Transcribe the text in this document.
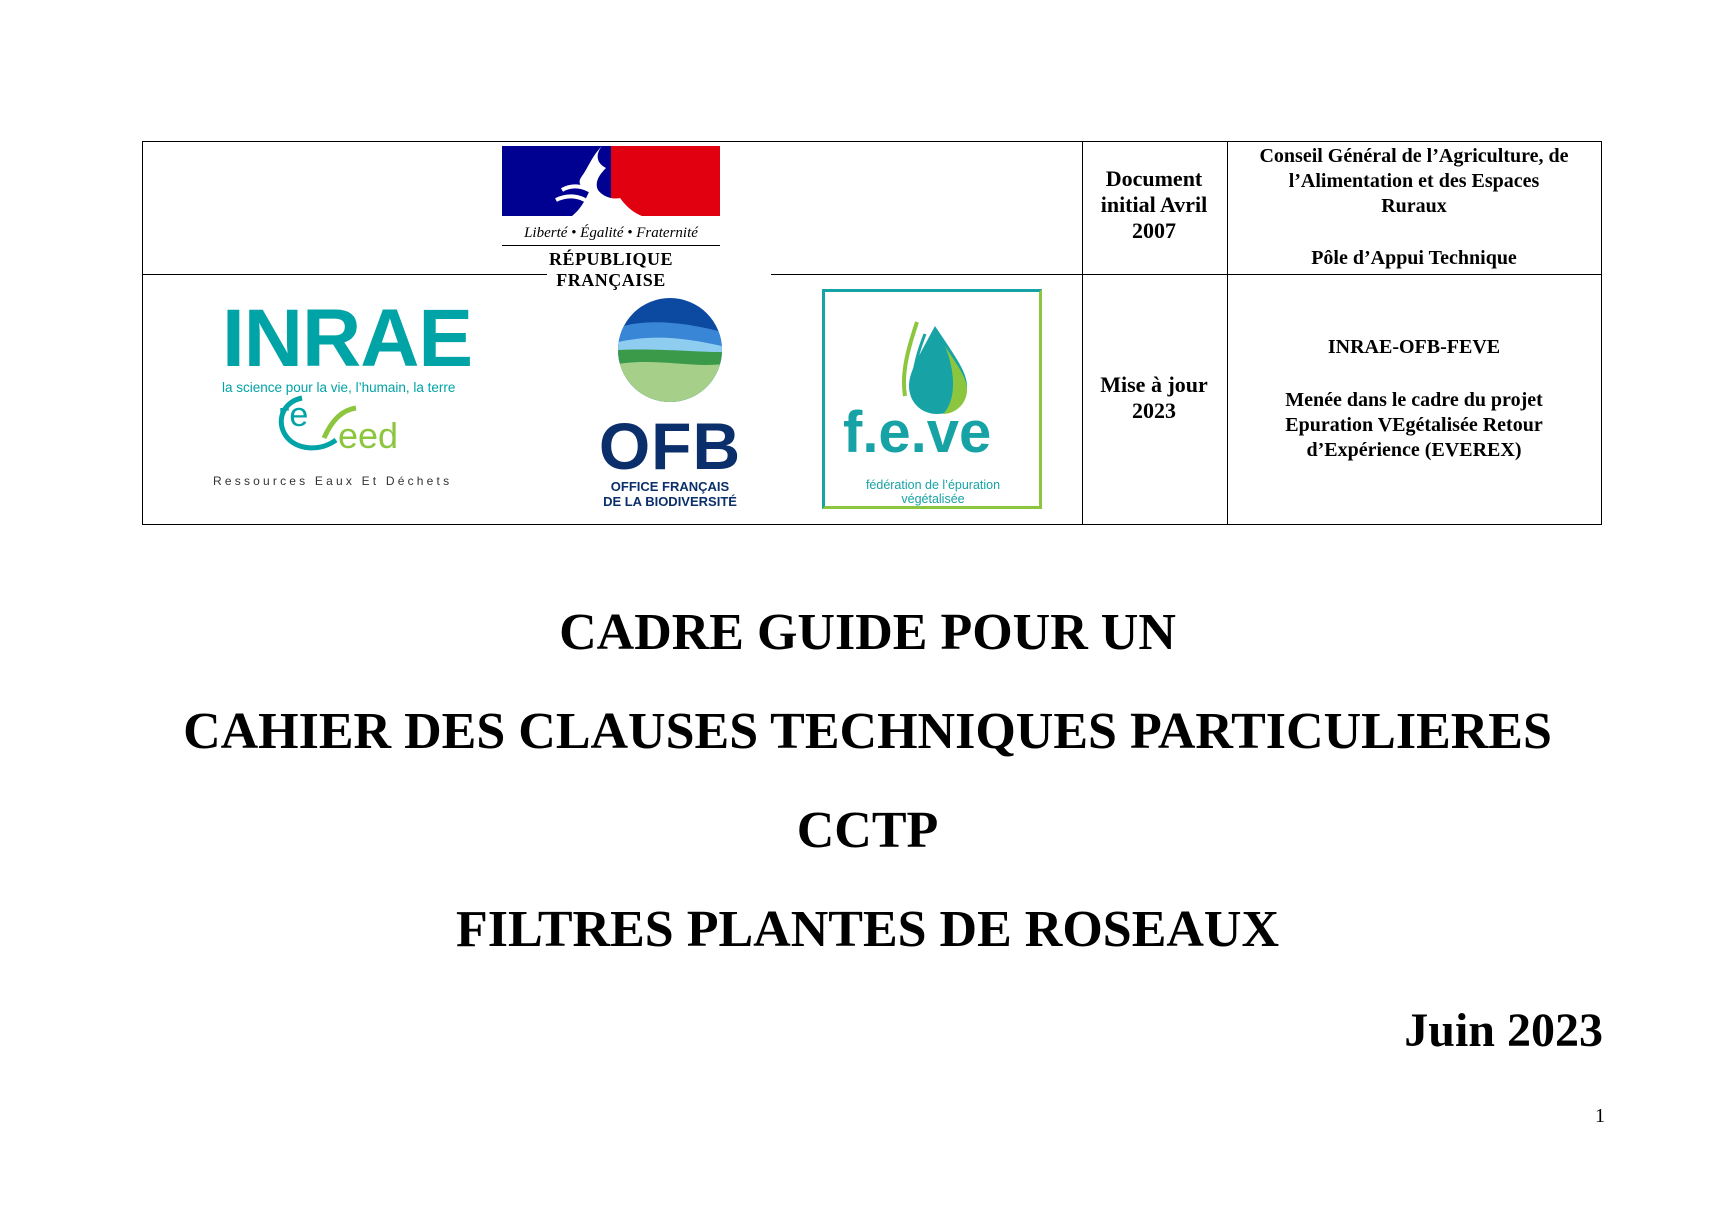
Liberté • Égalité • Fraternité
RÉPUBLIQUE FRANÇAISE
Document
initial Avril
2007
Conseil Général de l’Agriculture, de
l’Alimentation et des Espaces
Ruraux
Pôle d’Appui Technique
INRAE
la science pour la vie, l’humain, la terre
re eed
Ressources Eaux Et Déchets	OFB
OFFICE FRANÇAIS
DE LA BIODIVERSITÉ
f.e.ve
fédération de l’épuration végétalisée
Mise à jour
2023
INRAE-OFB-FEVE
Menée dans le cadre du projet
Epuration VEgétalisée Retour
d’Expérience (EVEREX)
CADRE GUIDE POUR UN
CAHIER DES CLAUSES TECHNIQUES PARTICULIERES
CCTP
FILTRES PLANTES DE ROSEAUX
Juin 2023
1
